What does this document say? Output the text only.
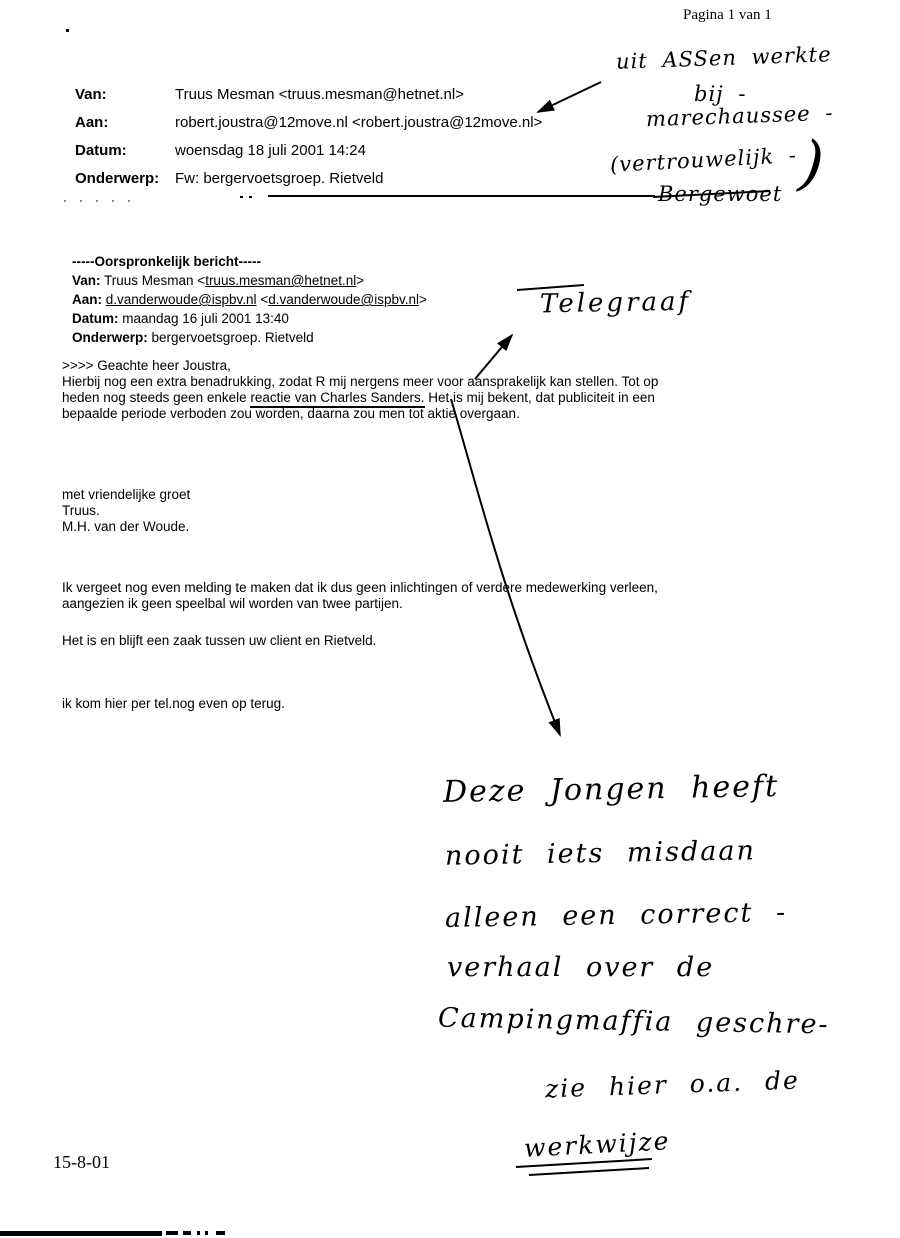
Pagina 1 van 1
Van:	Truus Mesman <truus.mesman@hetnet.nl>
Aan:	robert.joustra@12move.nl <robert.joustra@12move.nl>
Datum:	woensdag 18 juli 2001 14:24
Onderwerp:	Fw: bergervoetsgroep. Rietveld
uit ASSen werkte
bij -
marechaussee -
(vertrouwelijk -
)
Bergewoet
-----Oorspronkelijk bericht-----
Van: Truus Mesman <truus.mesman@hetnet.nl>
Aan: d.vanderwoude@ispbv.nl <d.vanderwoude@ispbv.nl>
Datum: maandag 16 juli 2001 13:40
Onderwerp: bergervoetsgroep. Rietveld
Telegraaf
>>>> Geachte heer Joustra,
Hierbij nog een extra benadrukking, zodat R mij nergens meer voor aansprakelijk kan stellen. Tot op
heden nog steeds geen enkele reactie van Charles Sanders. Het is mij bekent, dat publiciteit in een
bepaalde periode verboden zou worden, daarna zou men tot aktie overgaan.
met vriendelijke groet
Truus.
M.H. van der Woude.
Ik vergeet nog even melding te maken dat ik dus geen inlichtingen of verdere medewerking verleen,
aangezien ik geen speelbal wil worden van twee partijen.
Het is en blijft een zaak tussen uw client en Rietveld.
ik kom hier per tel.nog even op terug.
Deze Jongen heeft
nooit iets misdaan
alleen een correct -
verhaal over de
Campingmaffia geschre-
zie hier o.a. de
werkwijze
15-8-01
